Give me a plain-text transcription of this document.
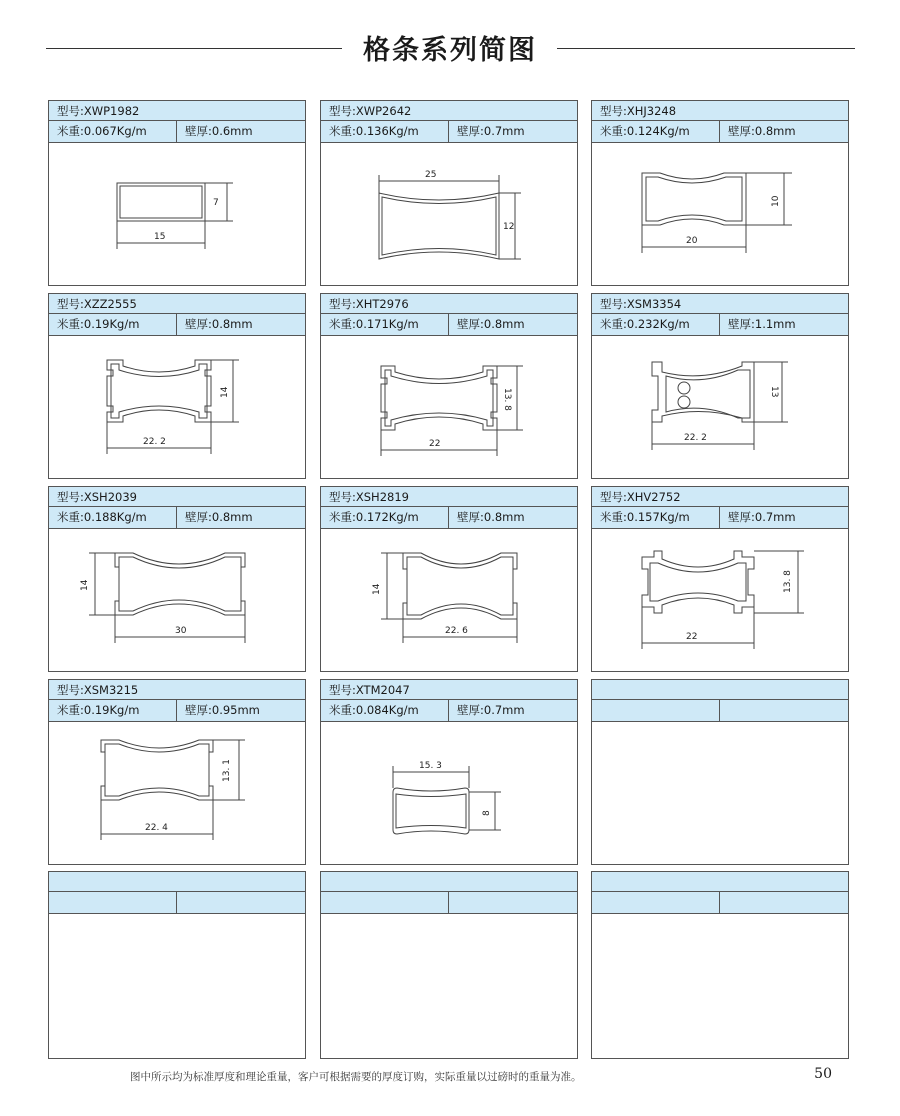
格条系列简图
型号:XWP1982
米重:0.067Kg/m	壁厚:0.6mm
15
7
型号:XWP2642
米重:0.136Kg/m	壁厚:0.7mm
25
12
型号:XHJ3248
米重:0.124Kg/m	壁厚:0.8mm
20
10
型号:XZZ2555
米重:0.19Kg/m	壁厚:0.8mm
22. 2
14
型号:XHT2976
米重:0.171Kg/m	壁厚:0.8mm
22
13. 8
型号:XSM3354
米重:0.232Kg/m	壁厚:1.1mm
22. 2
13
型号:XSH2039
米重:0.188Kg/m	壁厚:0.8mm
30
14
型号:XSH2819
米重:0.172Kg/m	壁厚:0.8mm
22. 6
14
型号:XHV2752
米重:0.157Kg/m	壁厚:0.7mm
22
13. 8
型号:XSM3215
米重:0.19Kg/m	壁厚:0.95mm
22. 4
13. 1
型号:XTM2047
米重:0.084Kg/m	壁厚:0.7mm
15. 3
8
图中所示均为标准厚度和理论重量，客户可根据需要的厚度订购，实际重量以过磅时的重量为准。	50
